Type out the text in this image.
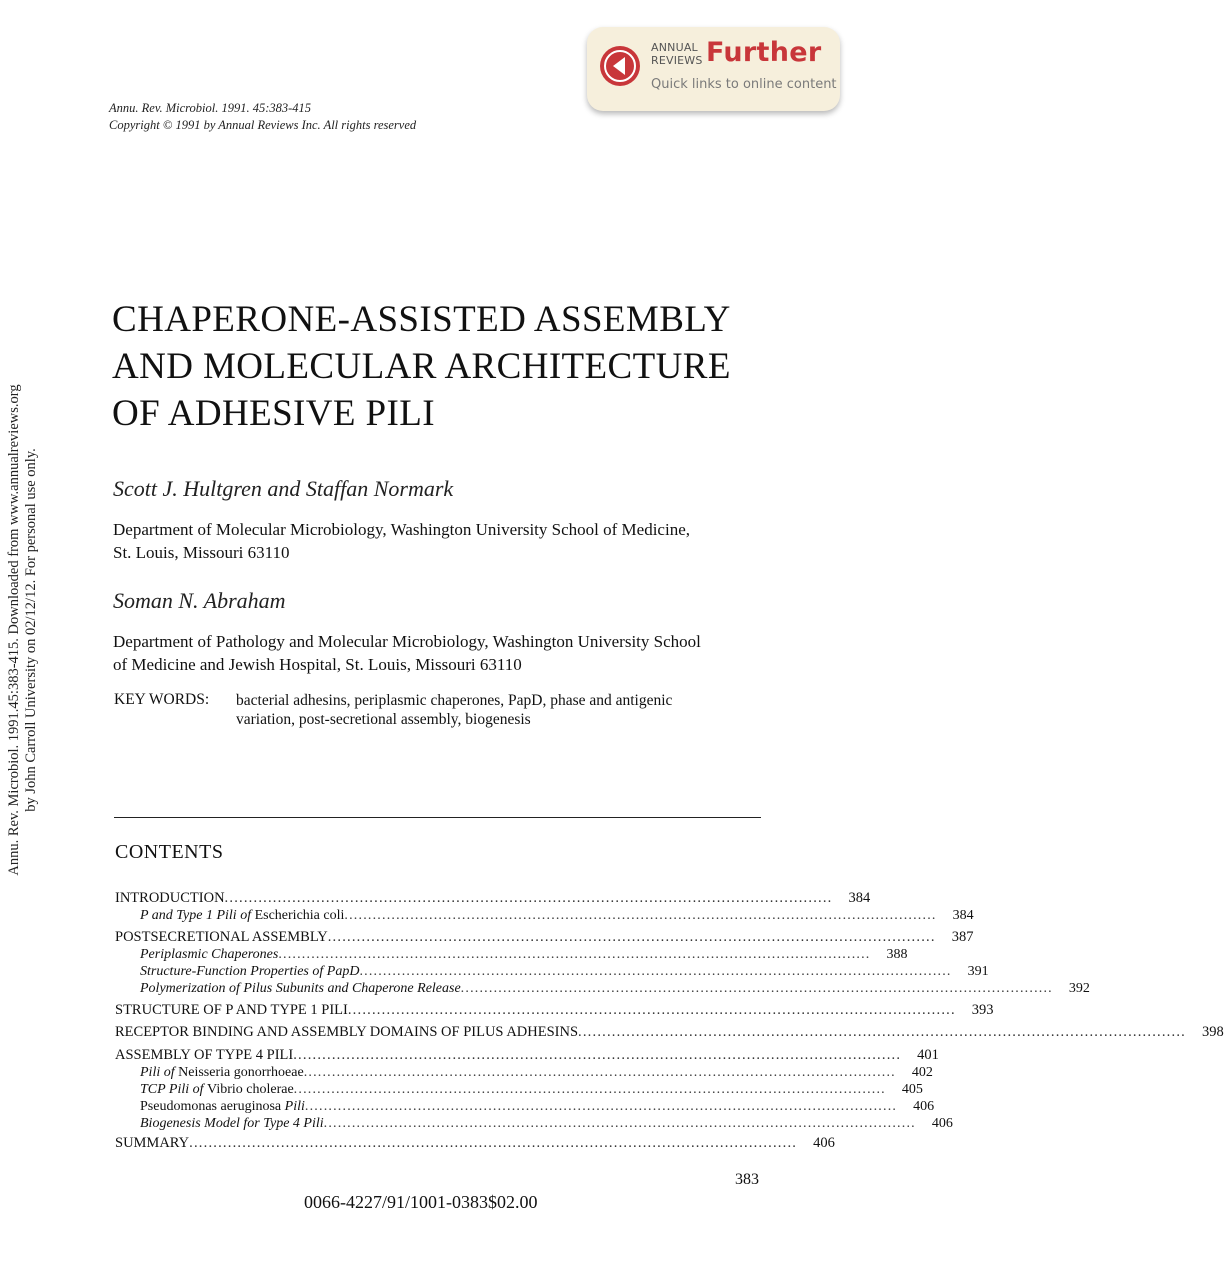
ANNUAL
REVIEWS Further
Quick links to online content
Annu. Rev. Microbiol. 1991. 45:383-415
Copyright © 1991 by Annual Reviews Inc. All rights reserved
Annu. Rev. Microbiol. 1991.45:383-415. Downloaded from www.annualreviews.org by John Carroll University on 02/12/12. For personal use only.
CHAPERONE-ASSISTED ASSEMBLY
AND MOLECULAR ARCHITECTURE
OF ADHESIVE PILI
Scott J. Hultgren and Staffan Normark
Department of Molecular Microbiology, Washington University School of Medicine,
St. Louis, Missouri 63110
Soman N. Abraham
Department of Pathology and Molecular Microbiology, Washington University School
of Medicine and Jewish Hospital, St. Louis, Missouri 63110
KEY WORDS: bacterial adhesins, periplasmic chaperones, PapD, phase and antigenic
variation, post-secretional assembly, biogenesis
CONTENTS
INTRODUCTION .............................................................................................................................. 384
P and Type 1 Pili of Escherichia coli .............................................................................................................................. 384
POSTSECRETIONAL ASSEMBLY .............................................................................................................................. 387
Periplasmic Chaperones .............................................................................................................................. 388
Structure-Function Properties of PapD .............................................................................................................................. 391
Polymerization of Pilus Subunits and Chaperone Release .............................................................................................................................. 392
STRUCTURE OF P AND TYPE 1 PILI .............................................................................................................................. 393
RECEPTOR BINDING AND ASSEMBLY DOMAINS OF PILUS ADHESINS .............................................................................................................................. 398
ASSEMBLY OF TYPE 4 PILI .............................................................................................................................. 401
Pili of Neisseria gonorrhoeae .............................................................................................................................. 402
TCP Pili of Vibrio cholerae .............................................................................................................................. 405
Pseudomonas aeruginosa Pili .............................................................................................................................. 406
Biogenesis Model for Type 4 Pili .............................................................................................................................. 406
SUMMARY .............................................................................................................................. 406
383
0066-4227/91/1001-0383$02.00
